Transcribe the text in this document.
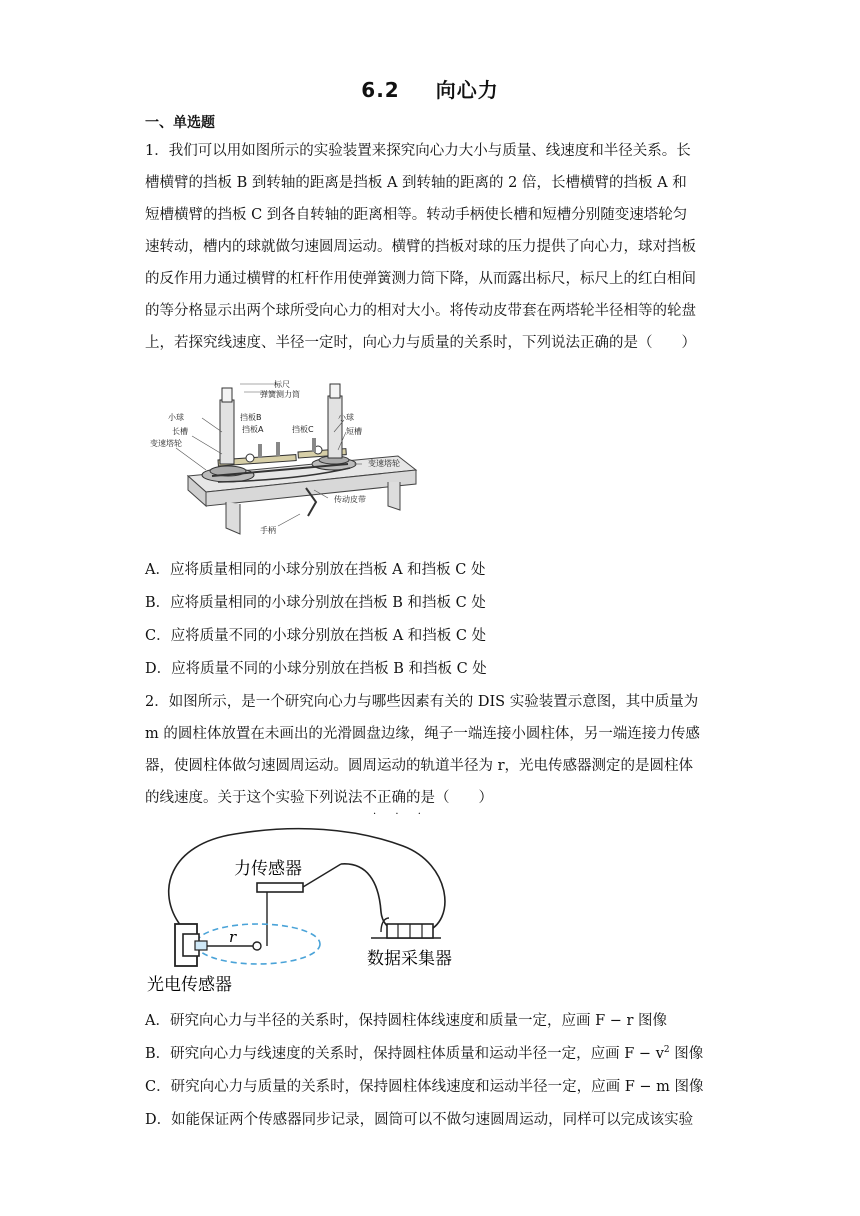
6.2 向心力
一、单选题
1．我们可以用如图所示的实验装置来探究向心力大小与质量、线速度和半径关系。长
槽横臂的挡板 B 到转轴的距离是挡板 A 到转轴的距离的 2 倍，长槽横臂的挡板 A 和
短槽横臂的挡板 C 到各自转轴的距离相等。转动手柄使长槽和短槽分别随变速塔轮匀
速转动，槽内的球就做匀速圆周运动。横臂的挡板对球的压力提供了向心力，球对挡板
的反作用力通过横臂的杠杆作用使弹簧测力筒下降，从而露出标尺，标尺上的红白相间
的等分格显示出两个球所受向心力的相对大小。将传动皮带套在两塔轮半径相等的轮盘
上，若探究线速度、半径一定时，向心力与质量的关系时，下列说法正确的是（　　）
标尺
弹簧测力筒
小球	挡板B	小球
挡板A	挡板C
长槽	短槽
变速塔轮
变速塔轮
传动皮带
手柄
A．应将质量相同的小球分别放在挡板 A 和挡板 C 处
B．应将质量相同的小球分别放在挡板 B 和挡板 C 处
C．应将质量不同的小球分别放在挡板 A 和挡板 C 处
D．应将质量不同的小球分别放在挡板 B 和挡板 C 处
2．如图所示，是一个研究向心力与哪些因素有关的 DIS 实验装置示意图，其中质量为
m 的圆柱体放置在未画出的光滑圆盘边缘，绳子一端连接小圆柱体，另一端连接力传感
器，使圆柱体做匀速圆周运动。圆周运动的轨道半径为 r，光电传感器测定的是圆柱体
的线速度。关于这个实验下列说法不正确的是（　　）
· · ·
r
力传感器
数据采集器
光电传感器
A．研究向心力与半径的关系时，保持圆柱体线速度和质量一定，应画 F − r 图像
B．研究向心力与线速度的关系时，保持圆柱体质量和运动半径一定，应画 $F - v^2$ 图像
C．研究向心力与质量的关系时，保持圆柱体线速度和运动半径一定，应画 F − m 图像
D．如能保证两个传感器同步记录，圆筒可以不做匀速圆周运动，同样可以完成该实验
